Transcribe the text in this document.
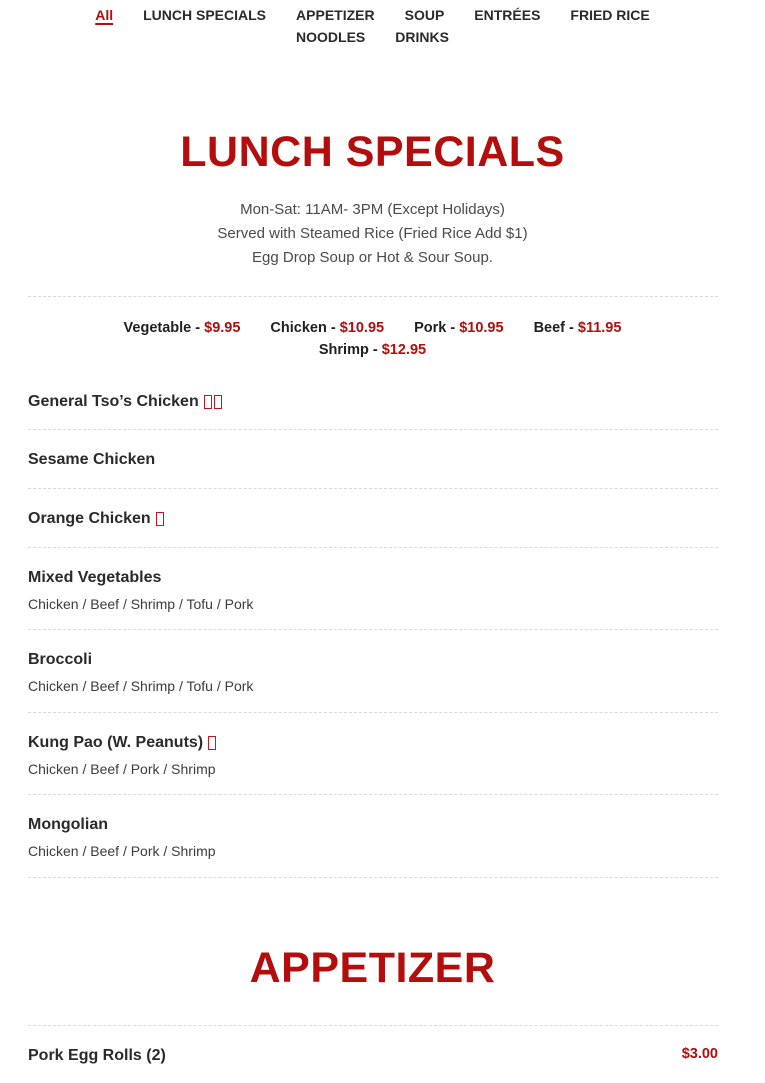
All LUNCH SPECIALS APPETIZER SOUP ENTRÉES FRIED RICE
NOODLES DRINKS
LUNCH SPECIALS
Mon-Sat: 11AM- 3PM (Except Holidays)
Served with Steamed Rice (Fried Rice Add $1)
Egg Drop Soup or Hot & Sour Soup.
Vegetable - $9.95 Chicken - $10.95 Pork - $10.95 Beef - $11.95
Shrimp - $12.95
General Tso’s Chicken
Sesame Chicken
Orange Chicken
Mixed Vegetables
Chicken / Beef / Shrimp / Tofu / Pork
Broccoli
Chicken / Beef / Shrimp / Tofu / Pork
Kung Pao (W. Peanuts)
Chicken / Beef / Pork / Shrimp
Mongolian
Chicken / Beef / Pork / Shrimp
APPETIZER
Pork Egg Rolls (2)	$3.00
